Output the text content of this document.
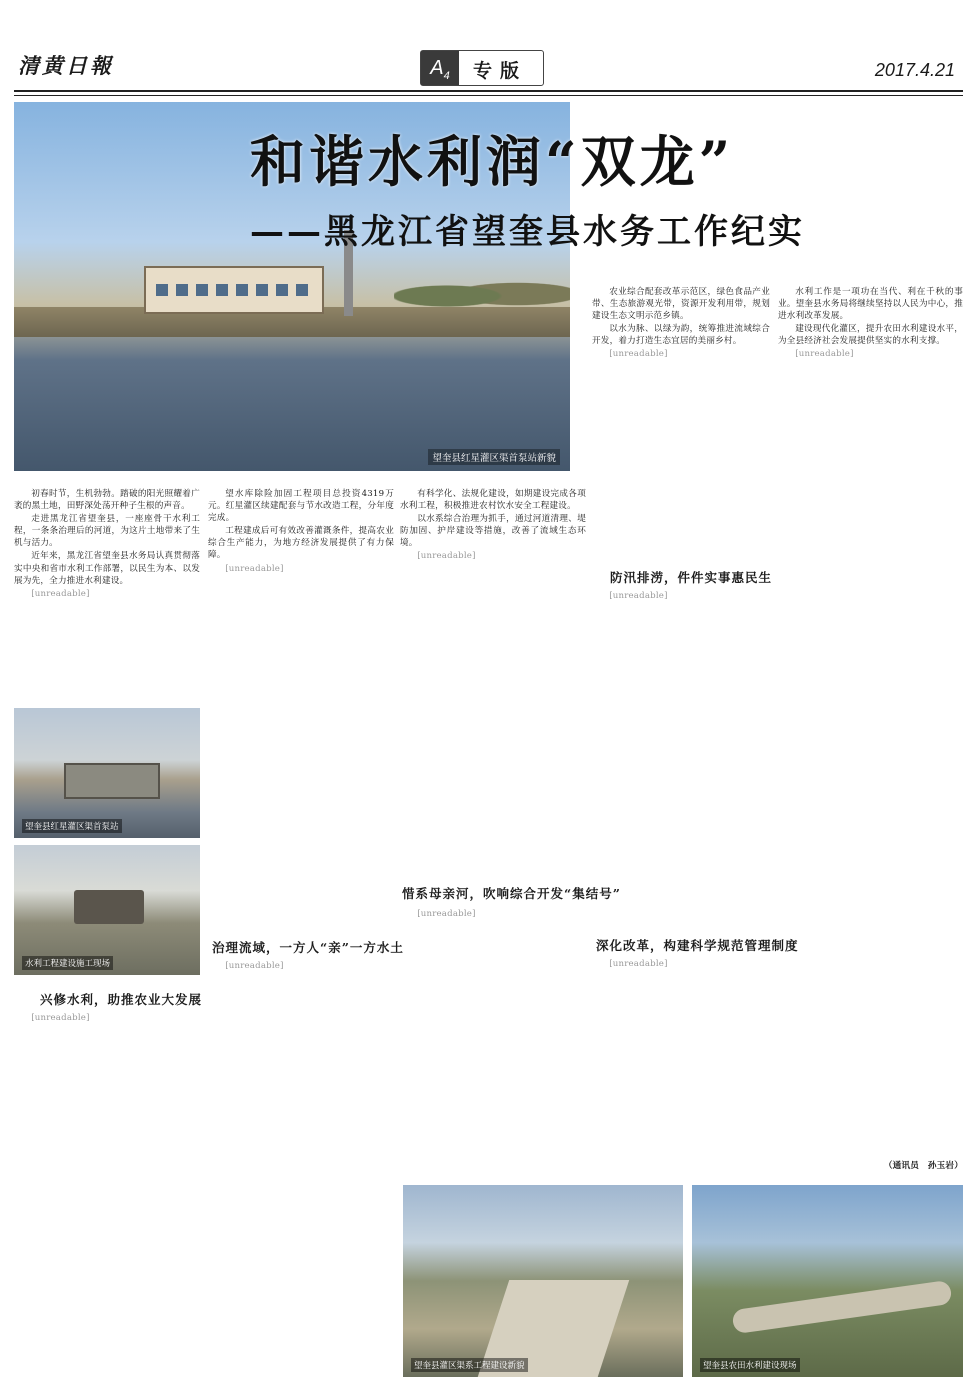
清黄日報	$A_4$	专版	2017.4.21
望奎县红星灌区渠首泵站新貌
和谐水利润“双龙”
——黑龙江省望奎县水务工作纪实

初春时节，生机勃勃。踏破的阳光照耀着广袤的黑土地，田野深处荡开种子生根的声音。

走进黑龙江省望奎县，一座座骨干水利工程，一条条治理后的河道，为这片土地带来了生机与活力。

近年来，黑龙江省望奎县水务局认真贯彻落实中央和省市水利工作部署，以民生为本、以发展为先，全力推进水利建设。

[unreadable]

望奎县红星灌区渠首泵站
水利工程建设施工现场
兴修水利，助推农业大发展

[unreadable]

望水库除险加固工程项目总投资4319万元。红星灌区续建配套与节水改造工程，分年度完成。

工程建成后可有效改善灌溉条件，提高农业综合生产能力，为地方经济发展提供了有力保障。

[unreadable]

治理流域，一方人“亲”一方水土

[unreadable]

有科学化、法规化建设，如期建设完成各项水利工程，积极推进农村饮水安全工程建设。

以水系综合治理为抓手，通过河道清理、堤防加固、护岸建设等措施，改善了流域生态环境。

[unreadable]

惜系母亲河，吹响综合开发“集结号”

[unreadable]

农业综合配套改革示范区，绿色食品产业带、生态旅游观光带，资源开发利用带，规划建设生态文明示范乡镇。

以水为脉、以绿为韵，统筹推进流域综合开发，着力打造生态宜居的美丽乡村。

[unreadable]

防汛排涝，件件实事惠民生

[unreadable]

深化改革，构建科学规范管理制度

[unreadable]

水利工作是一项功在当代、利在千秋的事业。望奎县水务局将继续坚持以人民为中心，推进水利改革发展。

建设现代化灌区，提升农田水利建设水平，为全县经济社会发展提供坚实的水利支撑。

[unreadable]

（通讯员　孙玉岩）
望奎县灌区渠系工程建设新貌	望奎县农田水利建设现场
